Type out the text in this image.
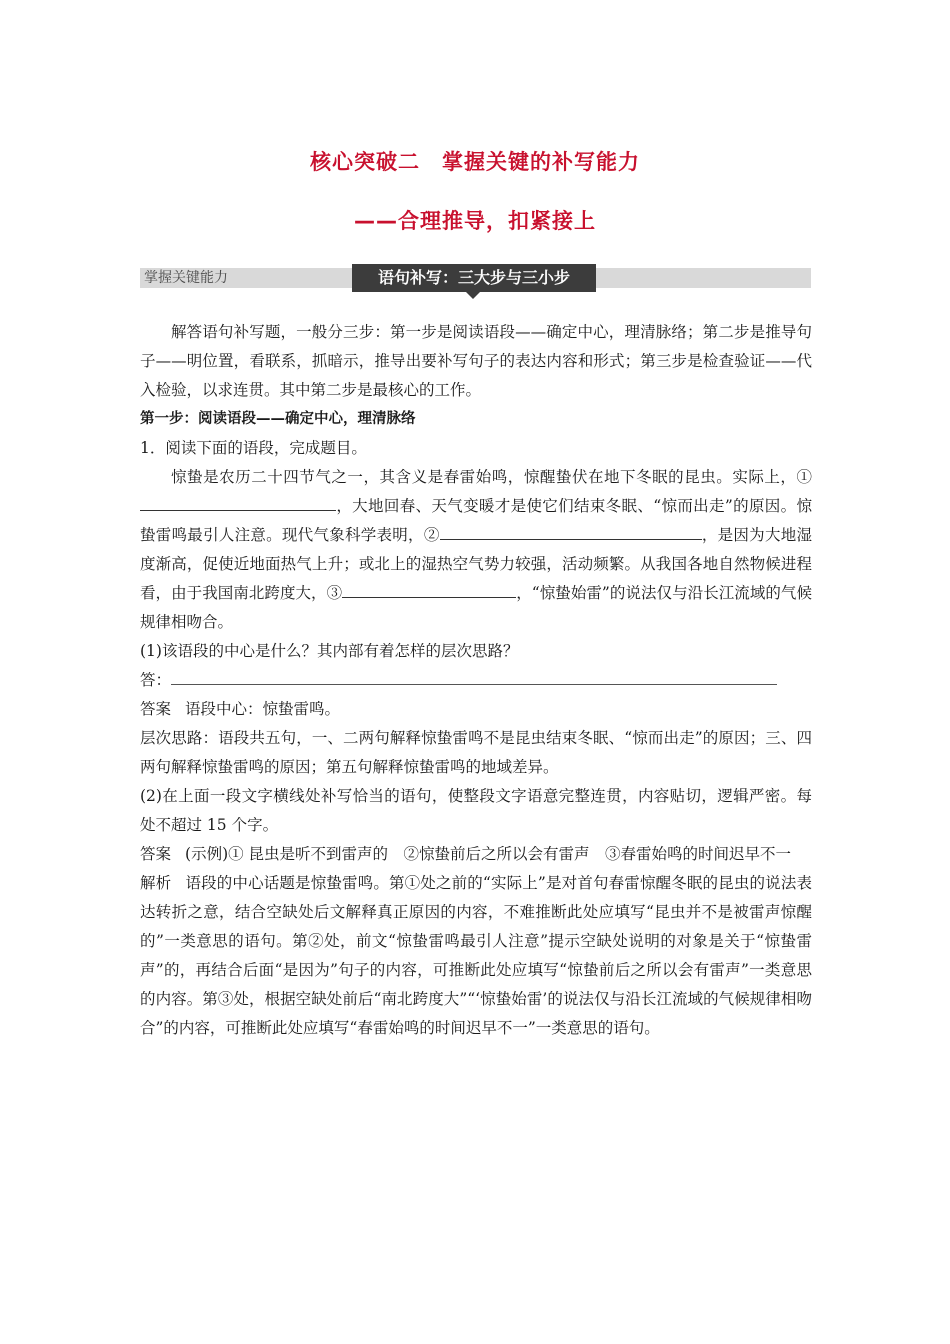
核心突破二　掌握关键的补写能力
——合理推导，扣紧接上
掌握关键能力	语句补写：三大步与三小步

解答语句补写题，一般分三步：第一步是阅读语段——确定中心，理清脉络；第二步是推导句子——明位置，看联系，抓暗示，推导出要补写句子的表达内容和形式；第三步是检查验证——代入检验，以求连贯。其中第二步是最核心的工作。

第一步：阅读语段——确定中心，理清脉络

1．阅读下面的语段，完成题目。

惊蛰是农历二十四节气之一，其含义是春雷始鸣，惊醒蛰伏在地下冬眠的昆虫。实际上，①，大地回春、天气变暖才是使它们结束冬眠、“惊而出走”的原因。惊蛰雷鸣最引人注意。现代气象科学表明，②	，是因为大地湿度渐高，促使近地面热气上升；或北上的湿热空气势力较强，活动频繁。从我国各地自然物候进程看，由于我国南北跨度大，③	，“惊蛰始雷”的说法仅与沿长江流域的气候规律相吻合。

(1)该语段的中心是什么？其内部有着怎样的层次思路？

答：

答案 语段中心：惊蛰雷鸣。

层次思路：语段共五句，一、二两句解释惊蛰雷鸣不是昆虫结束冬眠、“惊而出走”的原因；三、四两句解释惊蛰雷鸣的原因；第五句解释惊蛰雷鸣的地域差异。

(2)在上面一段文字横线处补写恰当的语句，使整段文字语意完整连贯，内容贴切，逻辑严密。每处不超过 15 个字。

答案 (示例)① 昆虫是听不到雷声的　②惊蛰前后之所以会有雷声　③春雷始鸣的时间迟早不一

解析 语段的中心话题是惊蛰雷鸣。第①处之前的“实际上”是对首句春雷惊醒冬眠的昆虫的说法表达转折之意，结合空缺处后文解释真正原因的内容，不难推断此处应填写“昆虫并不是被雷声惊醒的”一类意思的语句。第②处，前文“惊蛰雷鸣最引人注意”提示空缺处说明的对象是关于“惊蛰雷声”的，再结合后面“是因为”句子的内容，可推断此处应填写“惊蛰前后之所以会有雷声”一类意思的内容。第③处，根据空缺处前后“南北跨度大”“‘惊蛰始雷’的说法仅与沿长江流域的气候规律相吻合”的内容，可推断此处应填写“春雷始鸣的时间迟早不一”一类意思的语句。
